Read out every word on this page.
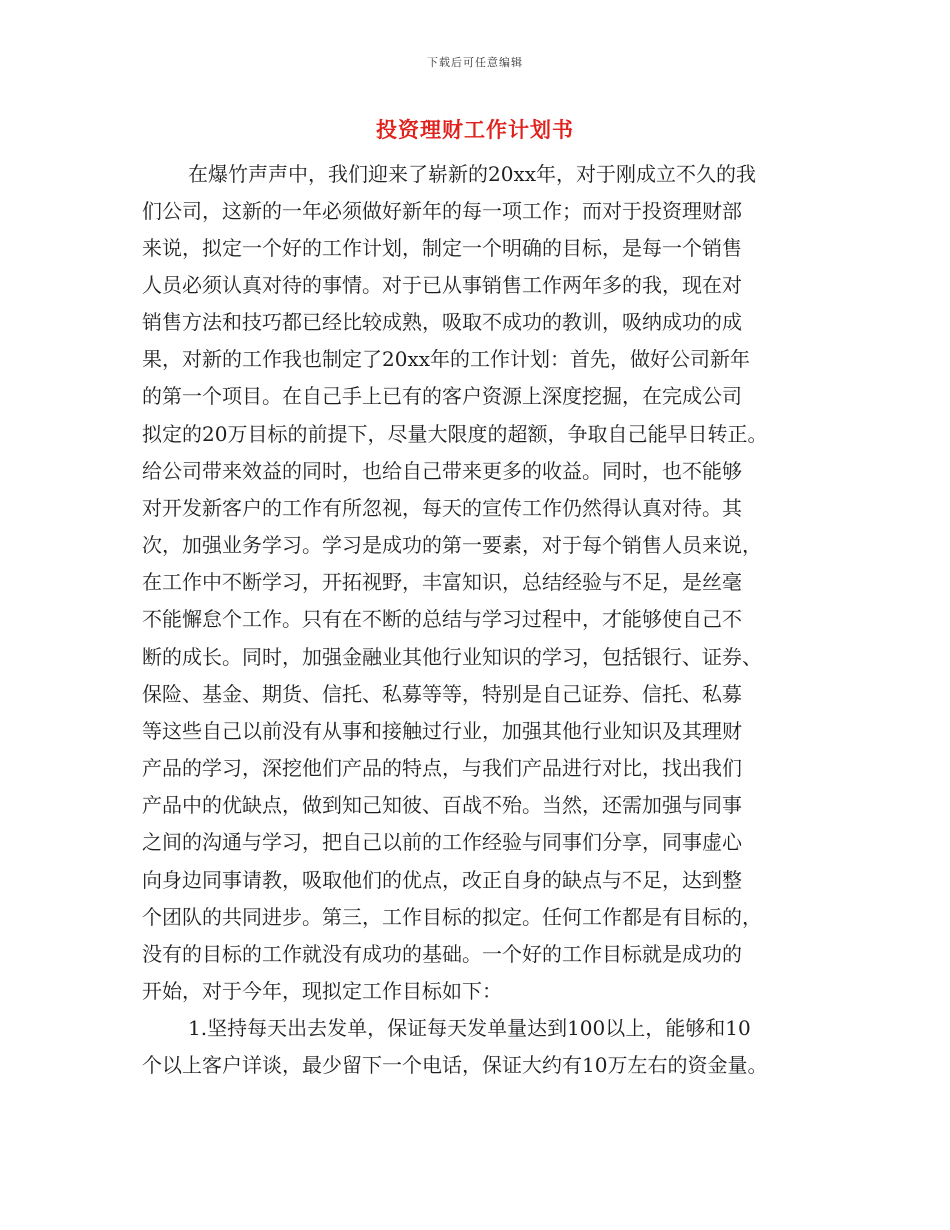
下载后可任意编辑
投资理财工作计划书
在爆竹声声中，我们迎来了崭新的20xx年，对于刚成立不久的我
们公司，这新的一年必须做好新年的每一项工作；而对于投资理财部
来说，拟定一个好的工作计划，制定一个明确的目标，是每一个销售
人员必须认真对待的事情。对于已从事销售工作两年多的我，现在对
销售方法和技巧都已经比较成熟，吸取不成功的教训，吸纳成功的成
果，对新的工作我也制定了20xx年的工作计划：首先，做好公司新年
的第一个项目。在自己手上已有的客户资源上深度挖掘，在完成公司
拟定的20万目标的前提下，尽量大限度的超额，争取自己能早日转正。
给公司带来效益的同时，也给自己带来更多的收益。同时，也不能够
对开发新客户的工作有所忽视，每天的宣传工作仍然得认真对待。其
次，加强业务学习。学习是成功的第一要素，对于每个销售人员来说，
在工作中不断学习，开拓视野，丰富知识，总结经验与不足，是丝毫
不能懈怠个工作。只有在不断的总结与学习过程中，才能够使自己不
断的成长。同时，加强金融业其他行业知识的学习，包括银行、证券、
保险、基金、期货、信托、私募等等，特别是自己证券、信托、私募
等这些自己以前没有从事和接触过行业，加强其他行业知识及其理财
产品的学习，深挖他们产品的特点，与我们产品进行对比，找出我们
产品中的优缺点，做到知己知彼、百战不殆。当然，还需加强与同事
之间的沟通与学习，把自己以前的工作经验与同事们分享，同事虚心
向身边同事请教，吸取他们的优点，改正自身的缺点与不足，达到整
个团队的共同进步。第三，工作目标的拟定。任何工作都是有目标的，
没有的目标的工作就没有成功的基础。一个好的工作目标就是成功的
开始，对于今年，现拟定工作目标如下：
1.坚持每天出去发单，保证每天发单量达到100以上，能够和10
个以上客户详谈，最少留下一个电话，保证大约有10万左右的资金量。
